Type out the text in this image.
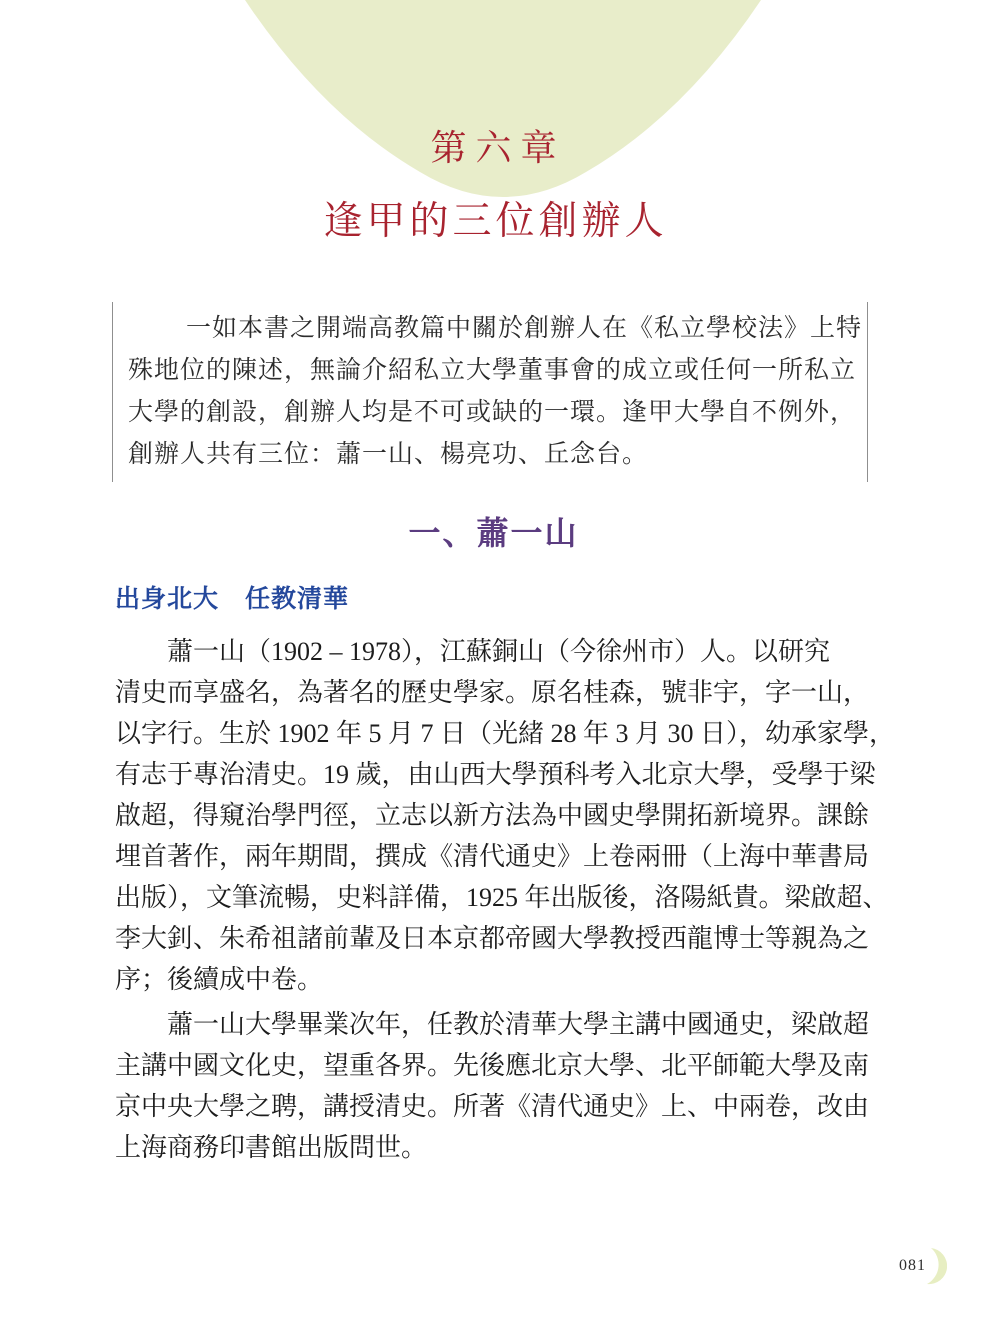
第六章
逢甲的三位創辦人
一如本書之開端高教篇中關於創辦人在《私立學校法》上特
殊地位的陳述，無論介紹私立大學董事會的成立或任何一所私立
大學的創設，創辦人均是不可或缺的一環。逢甲大學自不例外，
創辦人共有三位：蕭一山、楊亮功、丘念台。
一、蕭一山
出身北大　任教清華
蕭一山（1902 – 1978），江蘇銅山（今徐州市）人。以研究
清史而享盛名，為著名的歷史學家。原名桂森，號非宇，字一山，
以字行。生於 1902 年 5 月 7 日（光緒 28 年 3 月 30 日），幼承家學，
有志于專治清史。19 歲，由山西大學預科考入北京大學，受學于梁
啟超，得窺治學門徑，立志以新方法為中國史學開拓新境界。課餘
埋首著作，兩年期間，撰成《清代通史》上卷兩冊（上海中華書局
出版），文筆流暢，史料詳備，1925 年出版後，洛陽紙貴。梁啟超、
李大釗、朱希祖諸前輩及日本京都帝國大學教授西龍博士等親為之
序；後續成中卷。
蕭一山大學畢業次年，任教於清華大學主講中國通史，梁啟超
主講中國文化史，望重各界。先後應北京大學、北平師範大學及南
京中央大學之聘，講授清史。所著《清代通史》上、中兩卷，改由
上海商務印書館出版問世。
081
